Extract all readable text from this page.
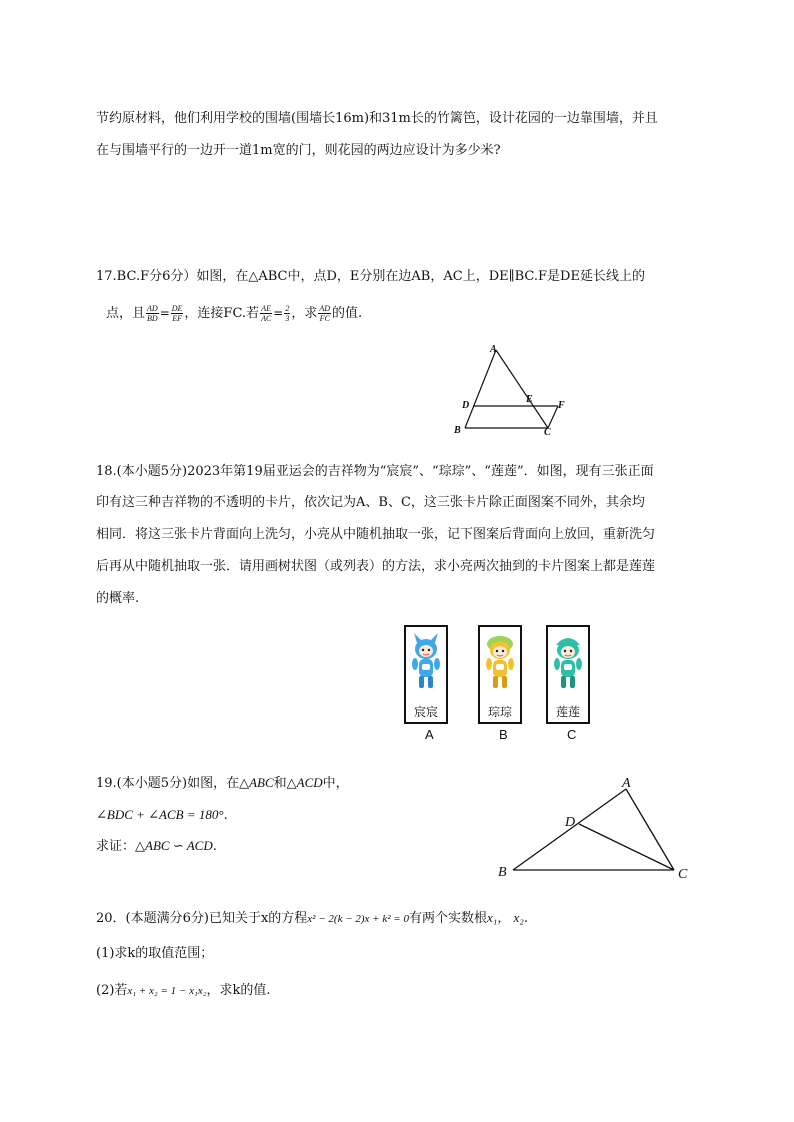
节约原材料，他们利用学校的围墙(围墙长16m)和31m长的竹篱笆，设计花园的一边靠围墙，并且
在与围墙平行的一边开一道1m宽的门，则花园的两边应设计为多少米?
17.BC.F分6分）如图，在△ABC中，点D，E分别在边AB，AC上，DE∥BC.F是DE延长线上的
点，且 $\frac{AD}{BD} = \frac{DE}{EF}$ ，连接FC.若 $\frac{AE}{AC} = \frac{2}{3}$ ，求 $\frac{AD}{FC}$ 的值.
A
D
E
F
B	C
18.(本小题5分)2023年第19届亚运会的吉祥物为“宸宸”、“琮琮”、“莲莲”．如图，现有三张正面
印有这三种吉祥物的不透明的卡片，依次记为A、B、C，这三张卡片除正面图案不同外，其余均
相同．将这三张卡片背面向上洗匀，小亮从中随机抽取一张，记下图案后背面向上放回，重新洗匀
后再从中随机抽取一张．请用画树状图（或列表）的方法，求小亮两次抽到的卡片图案上都是莲莲
的概率.
宸宸	琮琮	莲莲
A	B	C
19.(本小题5分)如图，在△ABC和△ACD中，
∠BDC + ∠ACB = 180°.
求证：△ABC ∽ ACD.
A
D
B	C
20．(本题满分6分)已知关于x的方程x² − 2(k − 2)x + k² = 0有两个实数根x₁， x₂.
(1)求k的取值范围；
(2)若x₁ + x₂ = 1 − x₁x₂，求k的值.
